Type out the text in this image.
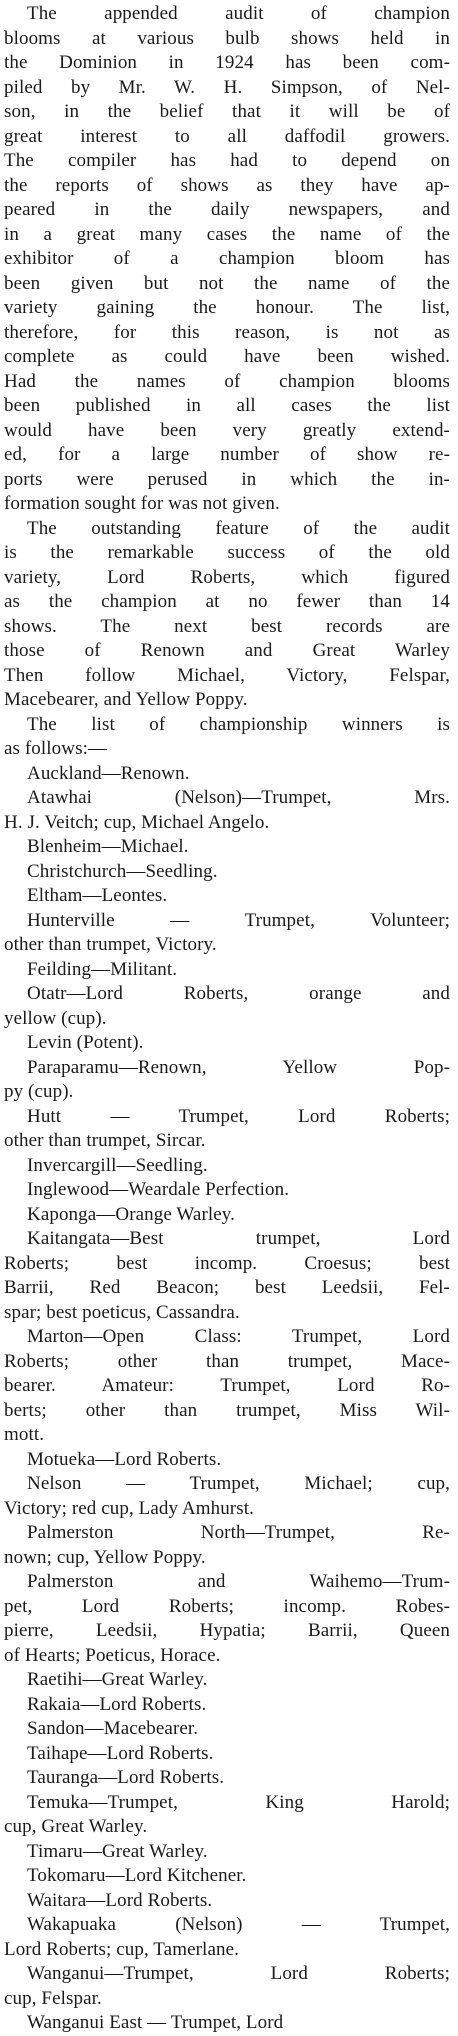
The appended audit of champion
blooms at various bulb shows held in
the Dominion in 1924 has been com-
piled by Mr. W. H. Simpson, of Nel-
son, in the belief that it will be of
great interest to all daffodil growers.
The compiler has had to depend on
the reports of shows as they have ap-
peared in the daily newspapers, and
in a great many cases the name of the
exhibitor of a champion bloom has
been given but not the name of the
variety gaining the honour. The list,
therefore, for this reason, is not as
complete as could have been wished.
Had the names of champion blooms
been published in all cases the list
would have been very greatly extend-
ed, for a large number of show re-
ports were perused in which the in-
formation sought for was not given.
The outstanding feature of the audit
is the remarkable success of the old
variety, Lord Roberts, which figured
as the champion at no fewer than 14
shows. The next best records are
those of Renown and Great Warley
Then follow Michael, Victory, Felspar,
Macebearer, and Yellow Poppy.
The list of championship winners is
as follows:—
Auckland—Renown.
Atawhai (Nelson)—Trumpet, Mrs.
H. J. Veitch; cup, Michael Angelo.
Blenheim—Michael.
Christchurch—Seedling.
Eltham—Leontes.
Hunterville — Trumpet, Volunteer;
other than trumpet, Victory.
Feilding—Militant.
Otatr—Lord Roberts, orange and
yellow (cup).
Levin (Potent).
Paraparamu—Renown, Yellow Pop-
py (cup).
Hutt — Trumpet, Lord Roberts;
other than trumpet, Sircar.
Invercargill—Seedling.
Inglewood—Weardale Perfection.
Kaponga—Orange Warley.
Kaitangata—Best trumpet, Lord
Roberts; best incomp. Croesus; best
Barrii, Red Beacon; best Leedsii, Fel-
spar; best poeticus, Cassandra.
Marton—Open Class: Trumpet, Lord
Roberts; other than trumpet, Mace-
bearer. Amateur: Trumpet, Lord Ro-
berts; other than trumpet, Miss Wil-
mott.
Motueka—Lord Roberts.
Nelson — Trumpet, Michael; cup,
Victory; red cup, Lady Amhurst.
Palmerston North—Trumpet, Re-
nown; cup, Yellow Poppy.
Palmerston and Waihemo—Trum-
pet, Lord Roberts; incomp. Robes-
pierre, Leedsii, Hypatia; Barrii, Queen
of Hearts; Poeticus, Horace.
Raetihi—Great Warley.
Rakaia—Lord Roberts.
Sandon—Macebearer.
Taihape—Lord Roberts.
Tauranga—Lord Roberts.
Temuka—Trumpet, King Harold;
cup, Great Warley.
Timaru—Great Warley.
Tokomaru—Lord Kitchener.
Waitara—Lord Roberts.
Wakapuaka (Nelson) — Trumpet,
Lord Roberts; cup, Tamerlane.
Wanganui—Trumpet, Lord Roberts;
cup, Felspar.
Wanganui East — Trumpet, Lord
